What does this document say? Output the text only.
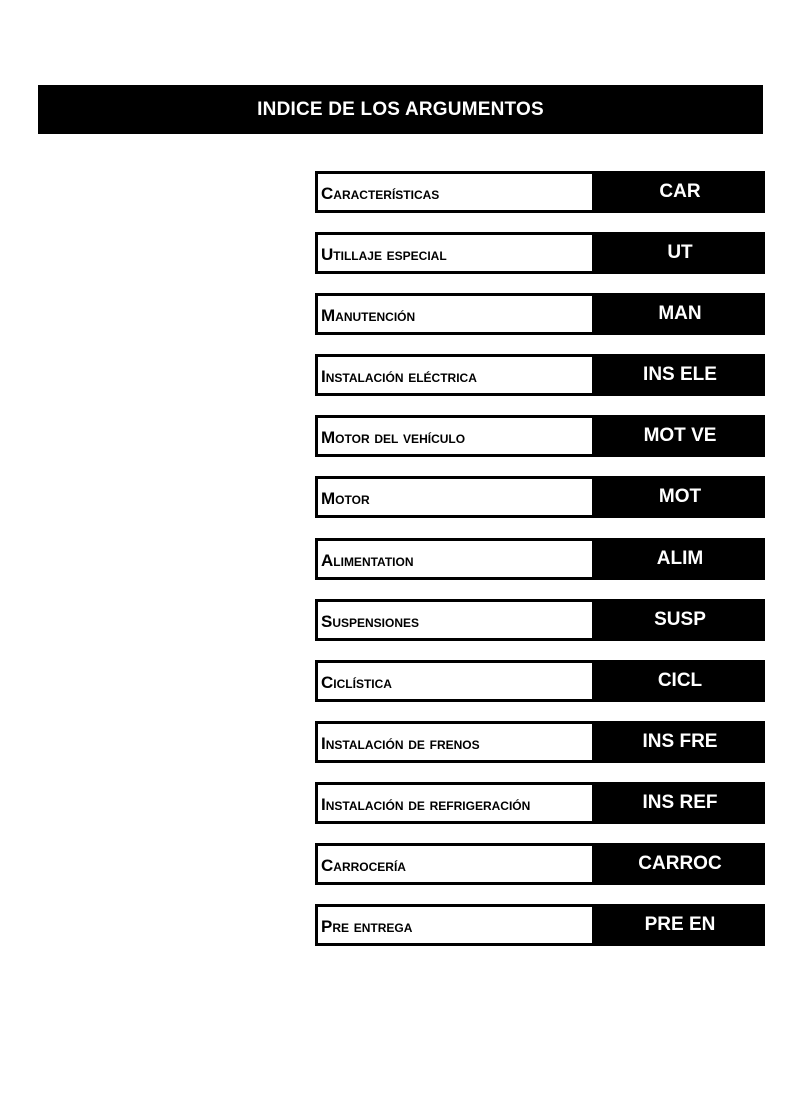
INDICE DE LOS ARGUMENTOS
Características	CAR
Utillaje especial	UT
Manutención	MAN
Instalación eléctrica	INS ELE
Motor del vehículo	MOT VE
Motor	MOT
Alimentation	ALIM
Suspensiones	SUSP
Ciclística	CICL
Instalación de frenos	INS FRE
Instalación de refrigeración	INS REF
Carrocería	CARROC
Pre entrega	PRE EN
